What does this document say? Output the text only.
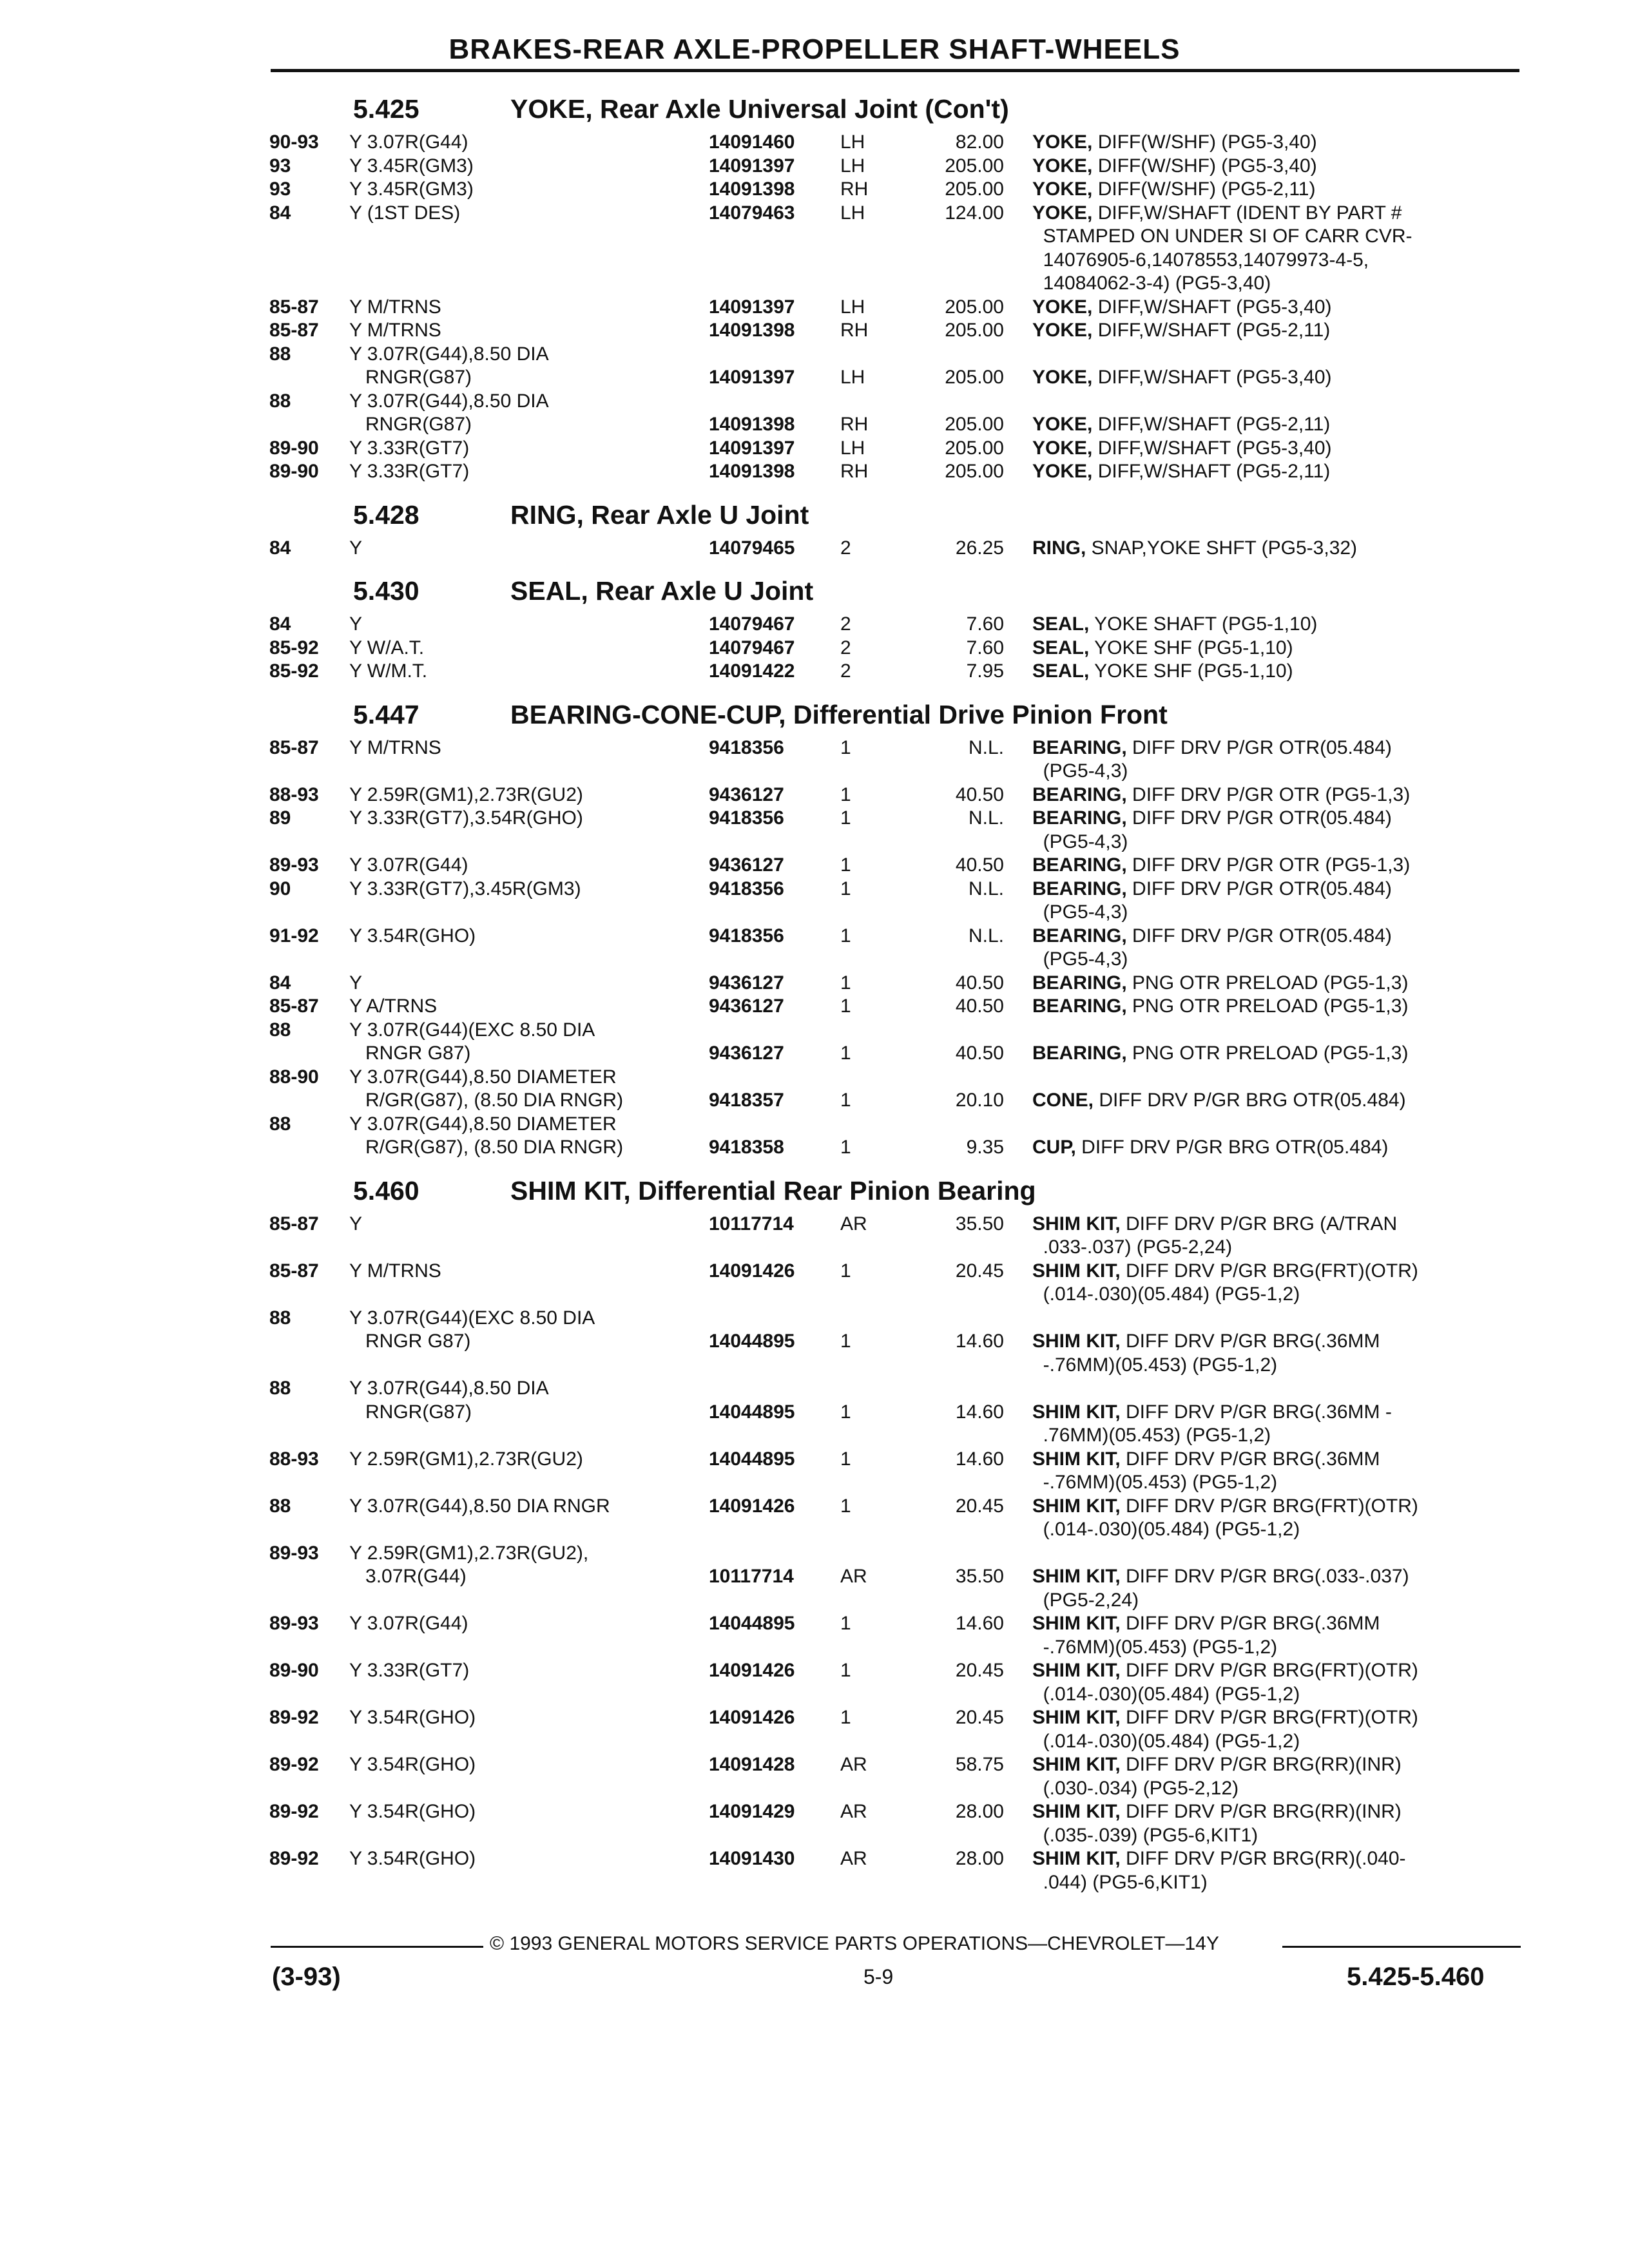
BRAKES-REAR AXLE-PROPELLER SHAFT-WHEELS
5.425	YOKE, Rear Axle Universal Joint (Con't)
90-93 Y 3.07R(G44)	14091460 LH	82.00 YOKE, DIFF(W/SHF) (PG5-3,40)
93	Y 3.45R(GM3)	14091397 LH	205.00 YOKE, DIFF(W/SHF) (PG5-3,40)
93	Y 3.45R(GM3)	14091398 RH	205.00 YOKE, DIFF(W/SHF) (PG5-2,11)
84	Y (1ST DES)	14079463 LH	124.00 YOKE, DIFF,W/SHAFT (IDENT BY PART #
STAMPED ON UNDER SI OF CARR CVR-
14076905-6,14078553,14079973-4-5,
14084062-3-4) (PG5-3,40)
85-87 Y M/TRNS	14091397 LH	205.00 YOKE, DIFF,W/SHAFT (PG5-3,40)
85-87 Y M/TRNS	14091398 RH	205.00 YOKE, DIFF,W/SHAFT (PG5-2,11)
88	Y 3.07R(G44),8.50 DIA
RNGR(G87)	14091397 LH	205.00 YOKE, DIFF,W/SHAFT (PG5-3,40)
88	Y 3.07R(G44),8.50 DIA
RNGR(G87)	14091398 RH	205.00 YOKE, DIFF,W/SHAFT (PG5-2,11)
89-90 Y 3.33R(GT7)	14091397 LH	205.00 YOKE, DIFF,W/SHAFT (PG5-3,40)
89-90 Y 3.33R(GT7)	14091398 RH	205.00 YOKE, DIFF,W/SHAFT (PG5-2,11)
5.428	RING, Rear Axle U Joint
84	Y	14079465 2	26.25 RING, SNAP,YOKE SHFT (PG5-3,32)
5.430	SEAL, Rear Axle U Joint
84	Y	14079467 2	7.60 SEAL, YOKE SHAFT (PG5-1,10)
85-92 Y W/A.T.	14079467 2	7.60 SEAL, YOKE SHF (PG5-1,10)
85-92 Y W/M.T.	14091422 2	7.95 SEAL, YOKE SHF (PG5-1,10)
5.447	BEARING-CONE-CUP, Differential Drive Pinion Front
85-87 Y M/TRNS	9418356	1	N.L. BEARING, DIFF DRV P/GR OTR(05.484)
(PG5-4,3)
88-93 Y 2.59R(GM1),2.73R(GU2)	9436127	1	40.50 BEARING, DIFF DRV P/GR OTR (PG5-1,3)
89	Y 3.33R(GT7),3.54R(GHO)	9418356	1	N.L. BEARING, DIFF DRV P/GR OTR(05.484)
(PG5-4,3)
89-93 Y 3.07R(G44)	9436127	1	40.50 BEARING, DIFF DRV P/GR OTR (PG5-1,3)
90	Y 3.33R(GT7),3.45R(GM3)	9418356	1	N.L. BEARING, DIFF DRV P/GR OTR(05.484)
(PG5-4,3)
91-92 Y 3.54R(GHO)	9418356	1	N.L. BEARING, DIFF DRV P/GR OTR(05.484)
(PG5-4,3)
84	Y	9436127	1	40.50 BEARING, PNG OTR PRELOAD (PG5-1,3)
85-87 Y A/TRNS	9436127	1	40.50 BEARING, PNG OTR PRELOAD (PG5-1,3)
88	Y 3.07R(G44)(EXC 8.50 DIA
RNGR G87)	9436127	1	40.50 BEARING, PNG OTR PRELOAD (PG5-1,3)
88-90 Y 3.07R(G44),8.50 DIAMETER
R/GR(G87), (8.50 DIA RNGR)	9418357	1	20.10 CONE, DIFF DRV P/GR BRG OTR(05.484)
88	Y 3.07R(G44),8.50 DIAMETER
R/GR(G87), (8.50 DIA RNGR)	9418358	1	9.35 CUP, DIFF DRV P/GR BRG OTR(05.484)
5.460	SHIM KIT, Differential Rear Pinion Bearing
85-87 Y	10117714 AR	35.50 SHIM KIT, DIFF DRV P/GR BRG (A/TRAN
.033-.037) (PG5-2,24)
85-87 Y M/TRNS	14091426 1	20.45 SHIM KIT, DIFF DRV P/GR BRG(FRT)(OTR)
(.014-.030)(05.484) (PG5-1,2)
88	Y 3.07R(G44)(EXC 8.50 DIA
RNGR G87)	14044895 1	14.60 SHIM KIT, DIFF DRV P/GR BRG(.36MM
-.76MM)(05.453) (PG5-1,2)
88	Y 3.07R(G44),8.50 DIA
RNGR(G87)	14044895 1	14.60 SHIM KIT, DIFF DRV P/GR BRG(.36MM -
.76MM)(05.453) (PG5-1,2)
88-93 Y 2.59R(GM1),2.73R(GU2)	14044895 1	14.60 SHIM KIT, DIFF DRV P/GR BRG(.36MM
-.76MM)(05.453) (PG5-1,2)
88	Y 3.07R(G44),8.50 DIA RNGR	14091426 1	20.45 SHIM KIT, DIFF DRV P/GR BRG(FRT)(OTR)
(.014-.030)(05.484) (PG5-1,2)
89-93 Y 2.59R(GM1),2.73R(GU2),
3.07R(G44)	10117714 AR	35.50 SHIM KIT, DIFF DRV P/GR BRG(.033-.037)
(PG5-2,24)
89-93 Y 3.07R(G44)	14044895 1	14.60 SHIM KIT, DIFF DRV P/GR BRG(.36MM
-.76MM)(05.453) (PG5-1,2)
89-90 Y 3.33R(GT7)	14091426 1	20.45 SHIM KIT, DIFF DRV P/GR BRG(FRT)(OTR)
(.014-.030)(05.484) (PG5-1,2)
89-92 Y 3.54R(GHO)	14091426 1	20.45 SHIM KIT, DIFF DRV P/GR BRG(FRT)(OTR)
(.014-.030)(05.484) (PG5-1,2)
89-92 Y 3.54R(GHO)	14091428 AR	58.75 SHIM KIT, DIFF DRV P/GR BRG(RR)(INR)
(.030-.034) (PG5-2,12)
89-92 Y 3.54R(GHO)	14091429 AR	28.00 SHIM KIT, DIFF DRV P/GR BRG(RR)(INR)
(.035-.039) (PG5-6,KIT1)
89-92 Y 3.54R(GHO)	14091430 AR	28.00 SHIM KIT, DIFF DRV P/GR BRG(RR)(.040-
.044) (PG5-6,KIT1)
© 1993 GENERAL MOTORS SERVICE PARTS OPERATIONS—CHEVROLET—14Y
(3-93)	5-9	5.425-5.460
